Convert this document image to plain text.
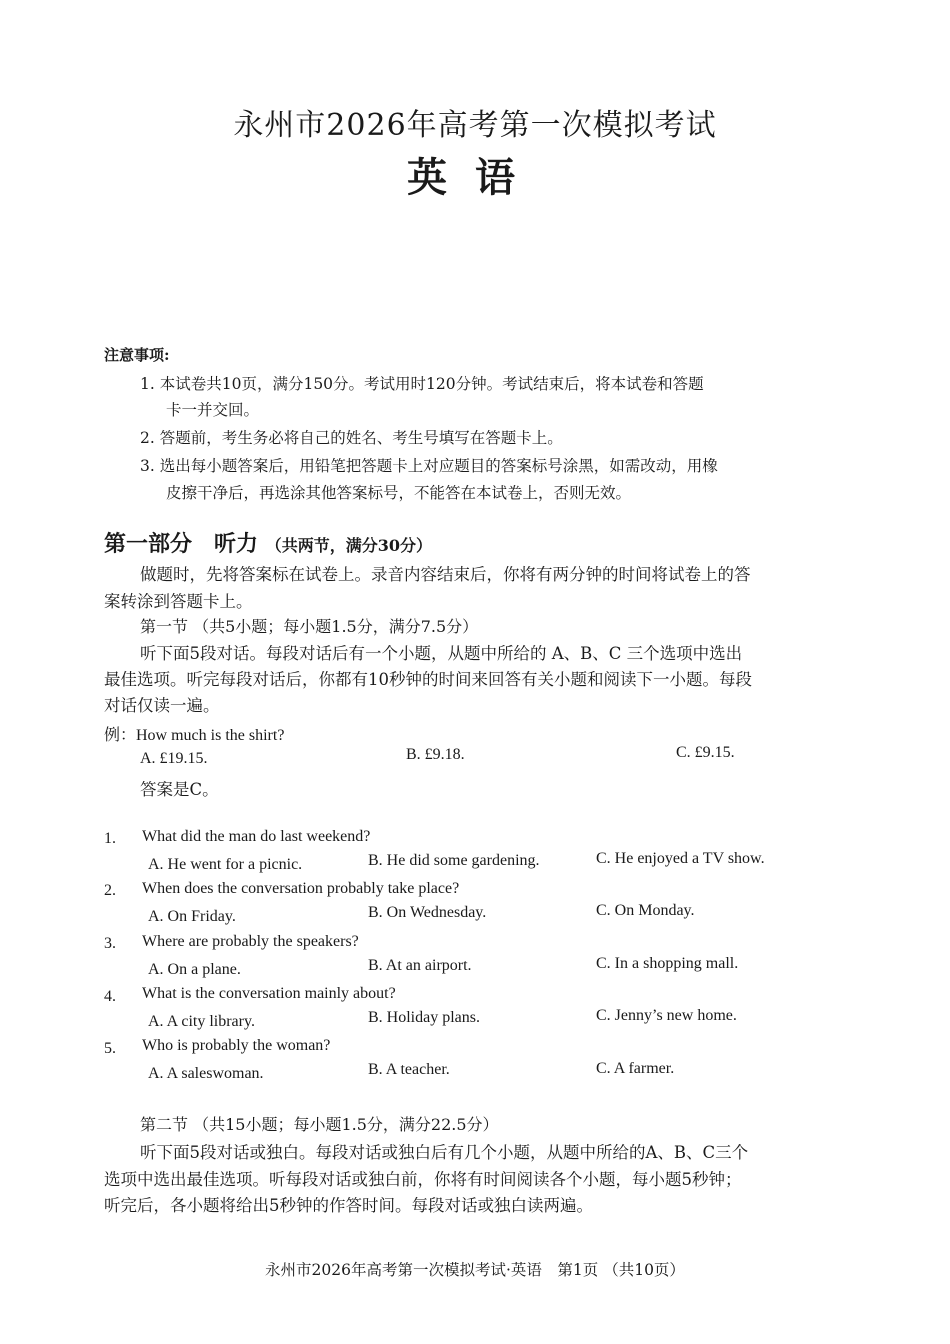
永州市2026年高考第一次模拟考试
英语
注意事项:
1. 本试卷共10页，满分150分。考试用时120分钟。考试结束后，将本试卷和答题
卡一并交回。
2. 答题前，考生务必将自己的姓名、考生号填写在答题卡上。
3. 选出每小题答案后，用铅笔把答题卡上对应题目的答案标号涂黑，如需改动，用橡
皮擦干净后，再选涂其他答案标号，不能答在本试卷上，否则无效。
第一部分　听力 （共两节，满分30分）
做题时，先将答案标在试卷上。录音内容结束后，你将有两分钟的时间将试卷上的答
案转涂到答题卡上。
第一节 （共5小题；每小题1.5分，满分7.5分）
听下面5段对话。每段对话后有一个小题，从题中所给的 A、B、C 三个选项中选出
最佳选项。听完每段对话后，你都有10秒钟的时间来回答有关小题和阅读下一小题。每段
对话仅读一遍。
例：How much is the shirt?
A. £19.15.	B. £9.18.	C. £9.15.
答案是C。
1. What did the man do last weekend?
A. He went for a picnic.	B. He did some gardening.	C. He enjoyed a TV show.
2. When does the conversation probably take place?
A. On Friday.	B. On Wednesday.	C. On Monday.
3. Where are probably the speakers?
A. On a plane.	B. At an airport.	C. In a shopping mall.
4. What is the conversation mainly about?
A. A city library.	B. Holiday plans.	C. Jenny’s new home.
5. Who is probably the woman?
A. A saleswoman.	B. A teacher.	C. A farmer.
第二节 （共15小题；每小题1.5分，满分22.5分）
听下面5段对话或独白。每段对话或独白后有几个小题，从题中所给的A、B、C三个
选项中选出最佳选项。听每段对话或独白前，你将有时间阅读各个小题，每小题5秒钟；
听完后，各小题将给出5秒钟的作答时间。每段对话或独白读两遍。
永州市2026年高考第一次模拟考试·英语　第1页 （共10页）
